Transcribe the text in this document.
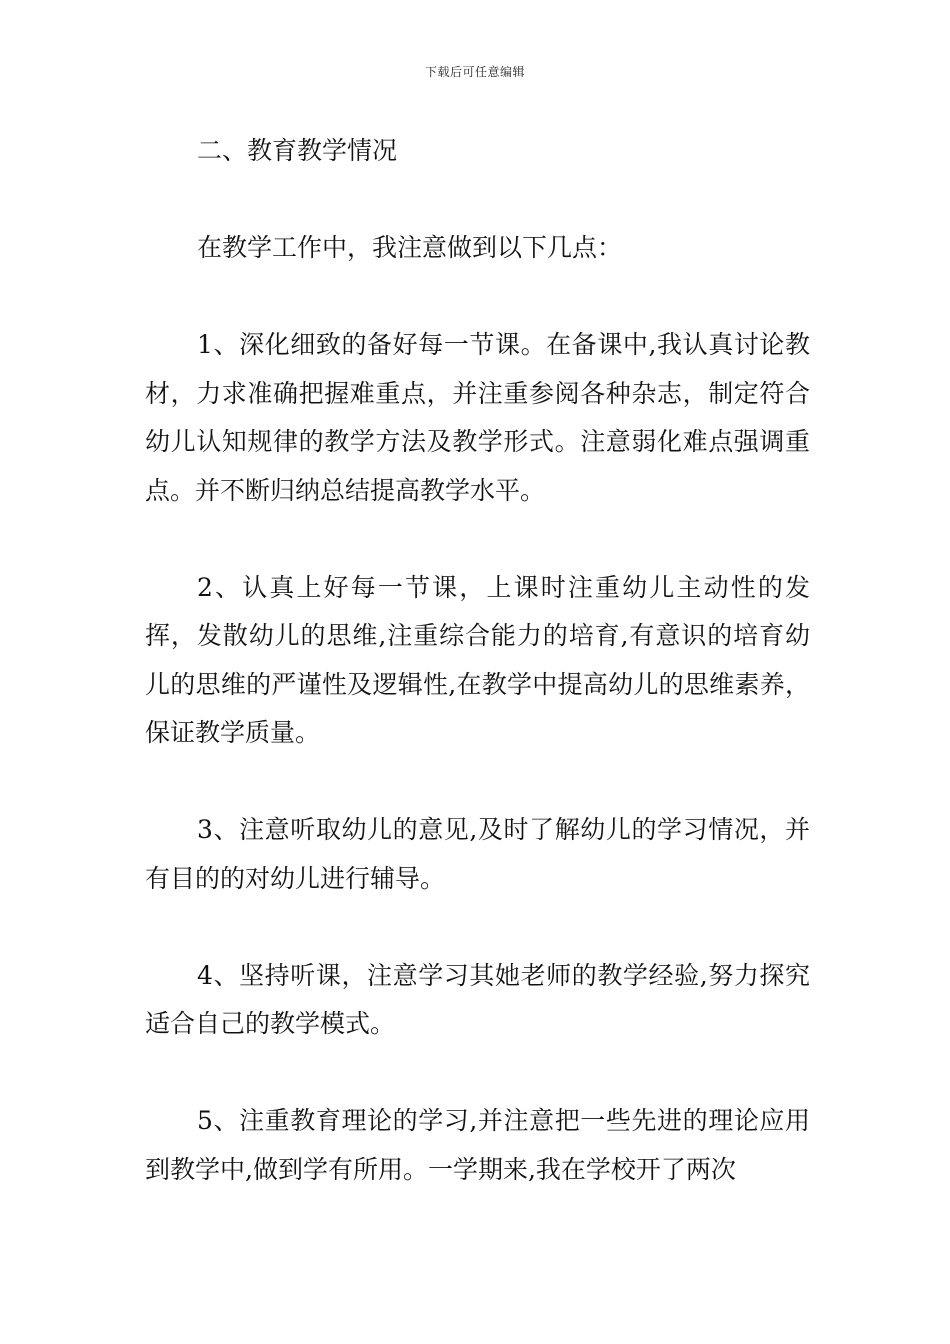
下载后可任意编辑

二、教育教学情况

在教学工作中，我注意做到以下几点：

1、深化细致的备好每一节课。在备课中,我认真讨论教材，力求准确把握难重点，并注重参阅各种杂志，制定符合幼儿认知规律的教学方法及教学形式。注意弱化难点强调重点。并不断归纳总结提高教学水平。

2、认真上好每一节课，上课时注重幼儿主动性的发挥，发散幼儿的思维,注重综合能力的培育,有意识的培育幼儿的思维的严谨性及逻辑性,在教学中提高幼儿的思维素养，保证教学质量。

3、注意听取幼儿的意见,及时了解幼儿的学习情况，并有目的的对幼儿进行辅导。

4、坚持听课，注意学习其她老师的教学经验,努力探究适合自己的教学模式。

5、注重教育理论的学习,并注意把一些先进的理论应用到教学中,做到学有所用。一学期来,我在学校开了两次
